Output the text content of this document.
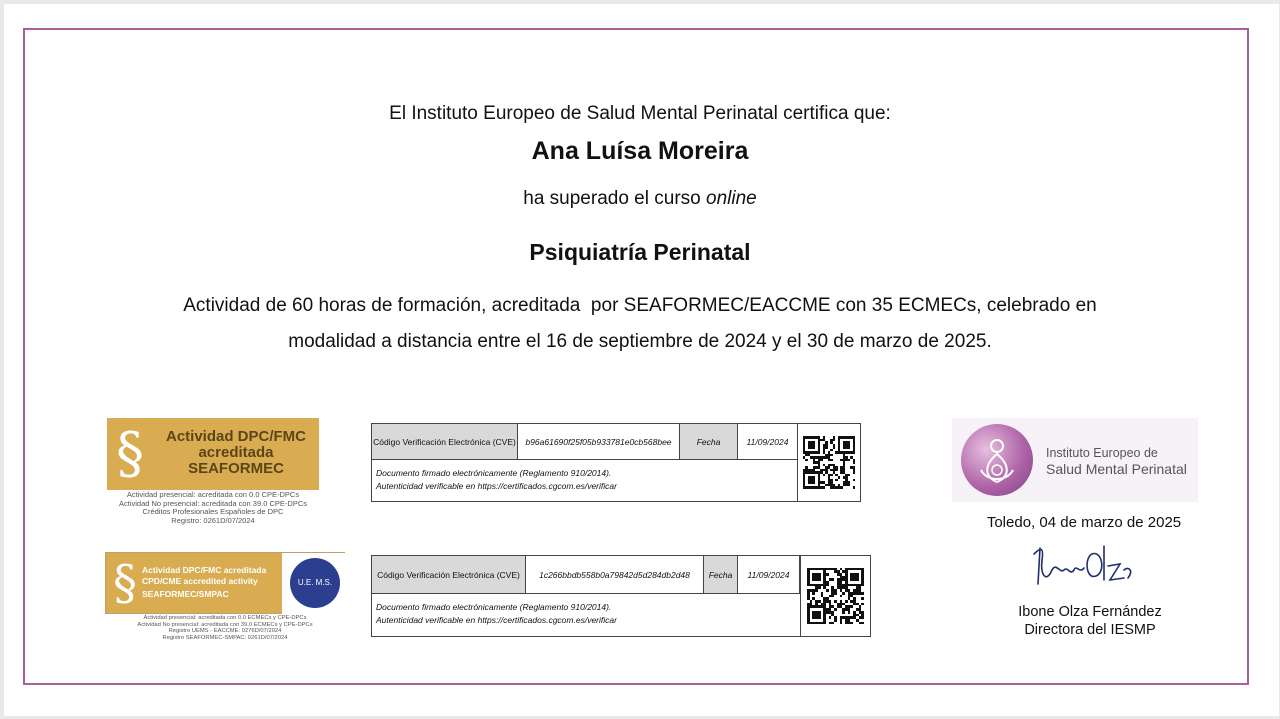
El Instituto Europeo de Salud Mental Perinatal certifica que:
Ana Luísa Moreira
ha superado el curso online
Psiquiatría Perinatal
Actividad de 60 horas de formación, acreditada  por SEAFORMEC/EACCME con 35 ECMECs, celebrado en
modalidad a distancia entre el 16 de septiembre de 2024 y el 30 de marzo de 2025.
§	Actividad DPC/FMC
acreditada
SEAFORMEC
Actividad presencial: acreditada con 0.0 CPE-DPCs
Actividad No presencial: acreditada con 39.0 CPE-DPCs
Créditos Profesionales Españoles de DPC
Registro: 0261D/07/2024
§ Actividad DPC/FMC acreditada
CPD/CME accredited activity
SEAFORMEC/SMPAC
U.E. M.S.
Actividad presencial: acreditada con 0.0 ECMECs y CPE-DPCs
Actividad No presencial: acreditada con 39.0 ECMECs y CPE-DPCs
Registro UEMS - EACCME: 0276D/07/2024
Registro SEAFORMEC-SMPAC: 0261D/07/2024
Código Verificación Electrónica (CVE)	b96a61690f25f05b933781e0cb568bee	Fecha	11/09/2024
Documento firmado electrónicamente (Reglamento 910/2014).
Autenticidad verificable en https://certificados.cgcom.es/verificar
Código Verificación Electrónica (CVE)	1c266bbdb558b0a79842d5d284db2d48	Fecha	11/09/2024
Documento firmado electrónicamente (Reglamento 910/2014).
Autenticidad verificable en https://certificados.cgcom.es/verificar
Instituto Europeo de
Salud Mental Perinatal
Toledo, 04 de marzo de 2025
Ibone Olza Fernández
Directora del IESMP
